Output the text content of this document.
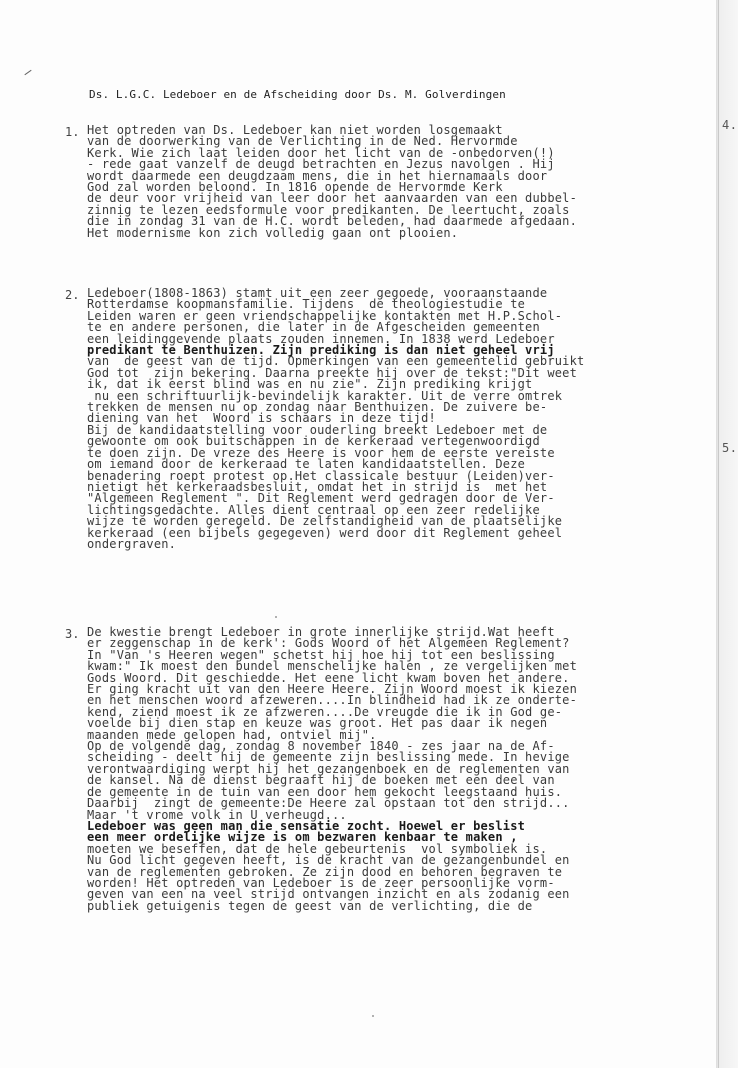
4.
5.
Ds. L.G.C. Ledeboer en de Afscheiding door Ds. M. Golverdingen
1. Het optreden van Ds. Ledeboer kan niet worden losgemaakt
van de doorwerking van de Verlichting in de Ned. Hervormde
Kerk. Wie zich laat leiden door het licht van de -onbedorven(!)
- rede gaat vanzelf de deugd betrachten en Jezus navolgen . Hij
wordt daarmede een deugdzaam mens, die in het hiernamaals door
God zal worden beloond. In 1816 opende de Hervormde Kerk
de deur voor vrijheid van leer door het aanvaarden van een dubbel-
zinnig te lezen eedsformule voor predikanten. De leertucht, zoals
die in zondag 31 van de H.C. wordt beleden, had daarmede afgedaan.
Het modernisme kon zich volledig gaan ont plooien.
2. Ledeboer(1808-1863) stamt uit een zeer gegoede, vooraanstaande
Rotterdamse koopmansfamilie. Tijdens  de theologiestudie te
Leiden waren er geen vriendschappelijke kontakten met H.P.Schol-
te en andere personen, die later in de Afgescheiden gemeenten
een leidinggevende plaats zouden innemen. In 1838 werd Ledeboer
predikant te Benthuizen. Zijn prediking is dan niet geheel vrij
van  de geest van de tijd. Opmerkingen van een gemeentelid gebruikt
God tot  zijn bekering. Daarna preekte hij over de tekst:"Dit weet
ik, dat ik eerst blind was en nu zie". Zijn prediking krijgt
nu een schriftuurlijk-bevindelijk karakter. Uit de verre omtrek
trekken de mensen nu op zondag naar Benthuizen. De zuivere be-
diening van het  Woord is schaars in deze tijd!
Bij de kandidaatstelling voor ouderling breekt Ledeboer met de
gewoonte om ook buitschappen in de kerkeraad vertegenwoordigd
te doen zijn. De vreze des Heere is voor hem de eerste vereiste
om iemand door de kerkeraad te laten kandidaatstellen. Deze
benadering roept protest op.Het classicale bestuur (Leiden)ver-
nietigt het kerkeraadsbesluit, omdat het in strijd is  met het
"Algemeen Reglement ". Dit Reglement werd gedragen door de Ver-
lichtingsgedachte. Alles dient centraal op een zeer redelijke
wijze te worden geregeld. De zelfstandigheid van de plaatselijke
kerkeraad (een bijbels gegegeven) werd door dit Reglement geheel
ondergraven.
3. De kwestie brengt Ledeboer in grote innerlijke strijd.Wat heeft
er zeggenschap in de kerk': Gods Woord of het Algemeen Reglement?
In "Van 's Heeren wegen" schetst hij hoe hij tot een beslissing
kwam:" Ik moest den bundel menschelijke halen , ze vergelijken met
Gods Woord. Dit geschiedde. Het eene licht kwam boven het andere.
Er ging kracht uit van den Heere Heere. Zijn Woord moest ik kiezen
en het menschen woord afzeweren....In blindheid had ik ze onderte-
kend, ziend moest ik ze afzweren....De vreugde die ik in God ge-
voelde bij dien stap en keuze was groot. Het pas daar ik negen
maanden mede gelopen had, ontviel mij".
Op de volgende dag, zondag 8 november 1840 - zes jaar na de Af-
scheiding - deelt hij de gemeente zijn beslissing mede. In hevige
verontwaardiging werpt hij het gezangenboek en de reglementen van
de kansel. Na de dienst begraaft hij de boeken met een deel van
de gemeente in de tuin van een door hem gekocht leegstaand huis.
Daarbij  zingt de gemeente:De Heere zal opstaan tot den strijd...
Maar 't vrome volk in U verheugd...
Ledeboer was geen man die sensatie zocht. Hoewel er beslist
een meer ordelijke wijze is om bezwaren kenbaar te maken ,
moeten we beseffen, dat de hele gebeurtenis  vol symboliek is.
Nu God licht gegeven heeft, is de kracht van de gezangenbundel en
van de reglementen gebroken. Ze zijn dood en behoren begraven te
worden! Het optreden van Ledeboer is de zeer persoonlijke vorm-
geven van een na veel strijd ontvangen inzicht en als zodanig een
publiek getuigenis tegen de geest van de verlichting, die de
